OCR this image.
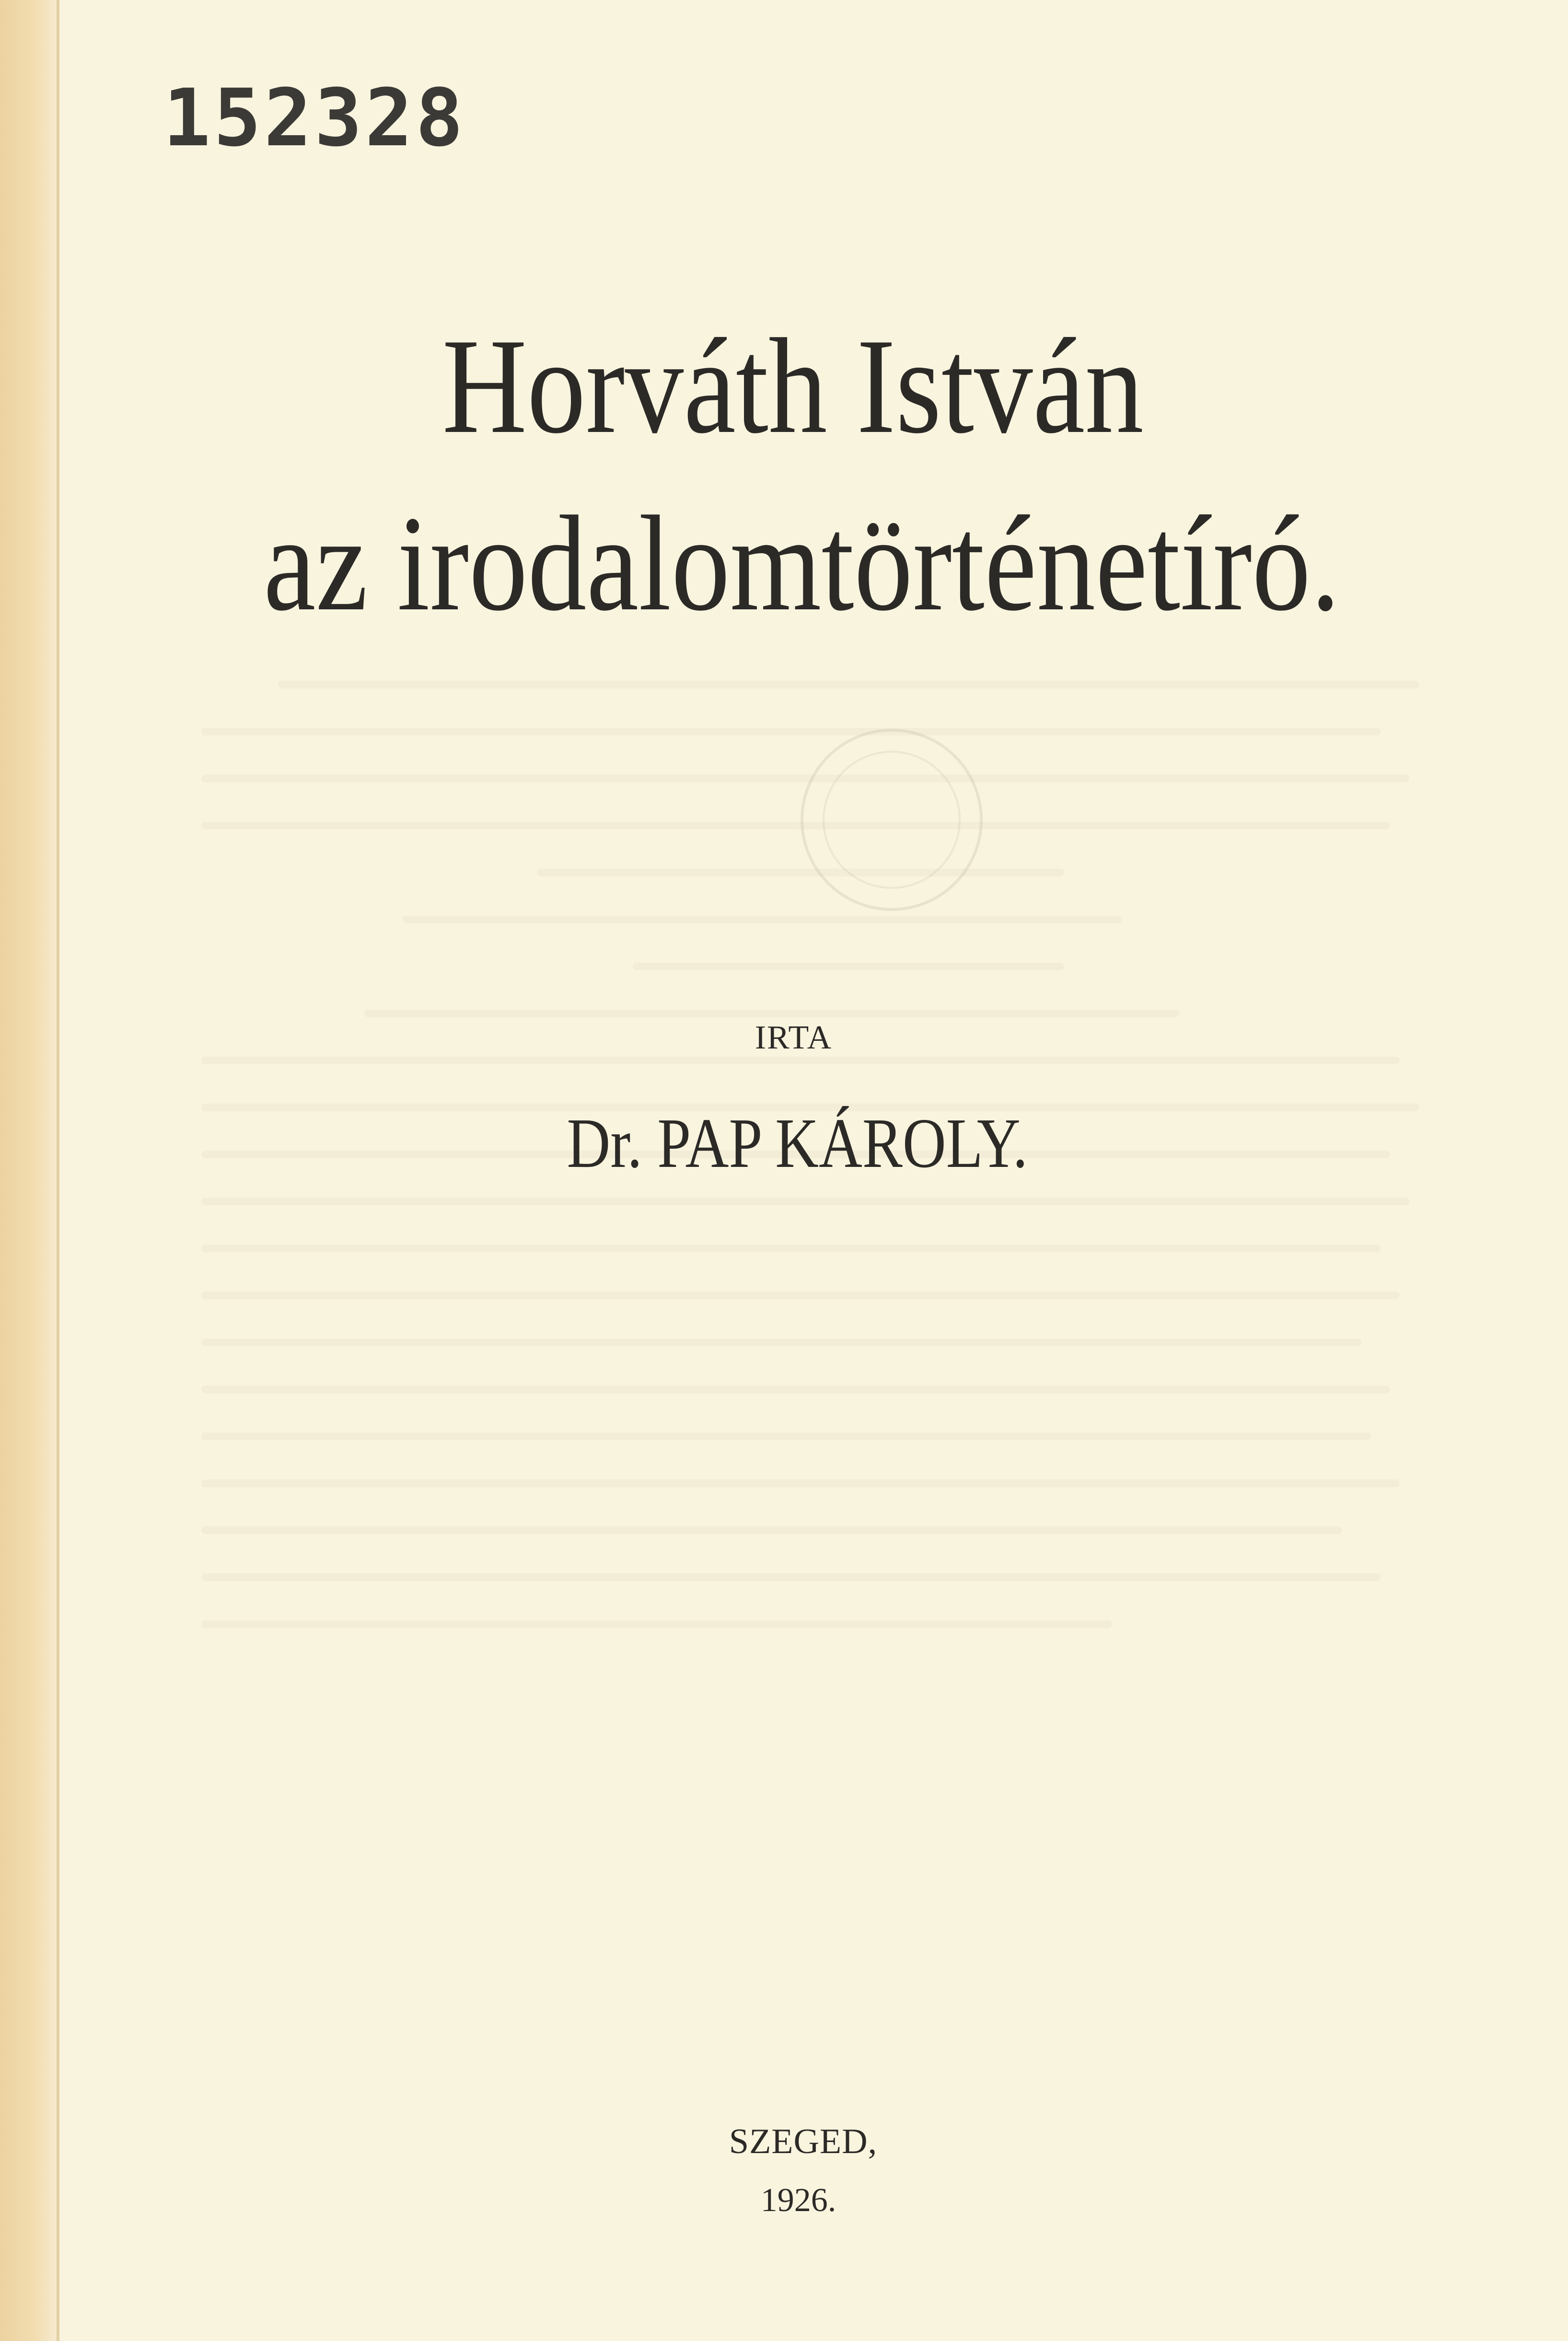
152328
Horváth István
az irodalomtörténetíró.
IRTA
Dr. PAP KÁROLY.
SZEGED,
1926.
